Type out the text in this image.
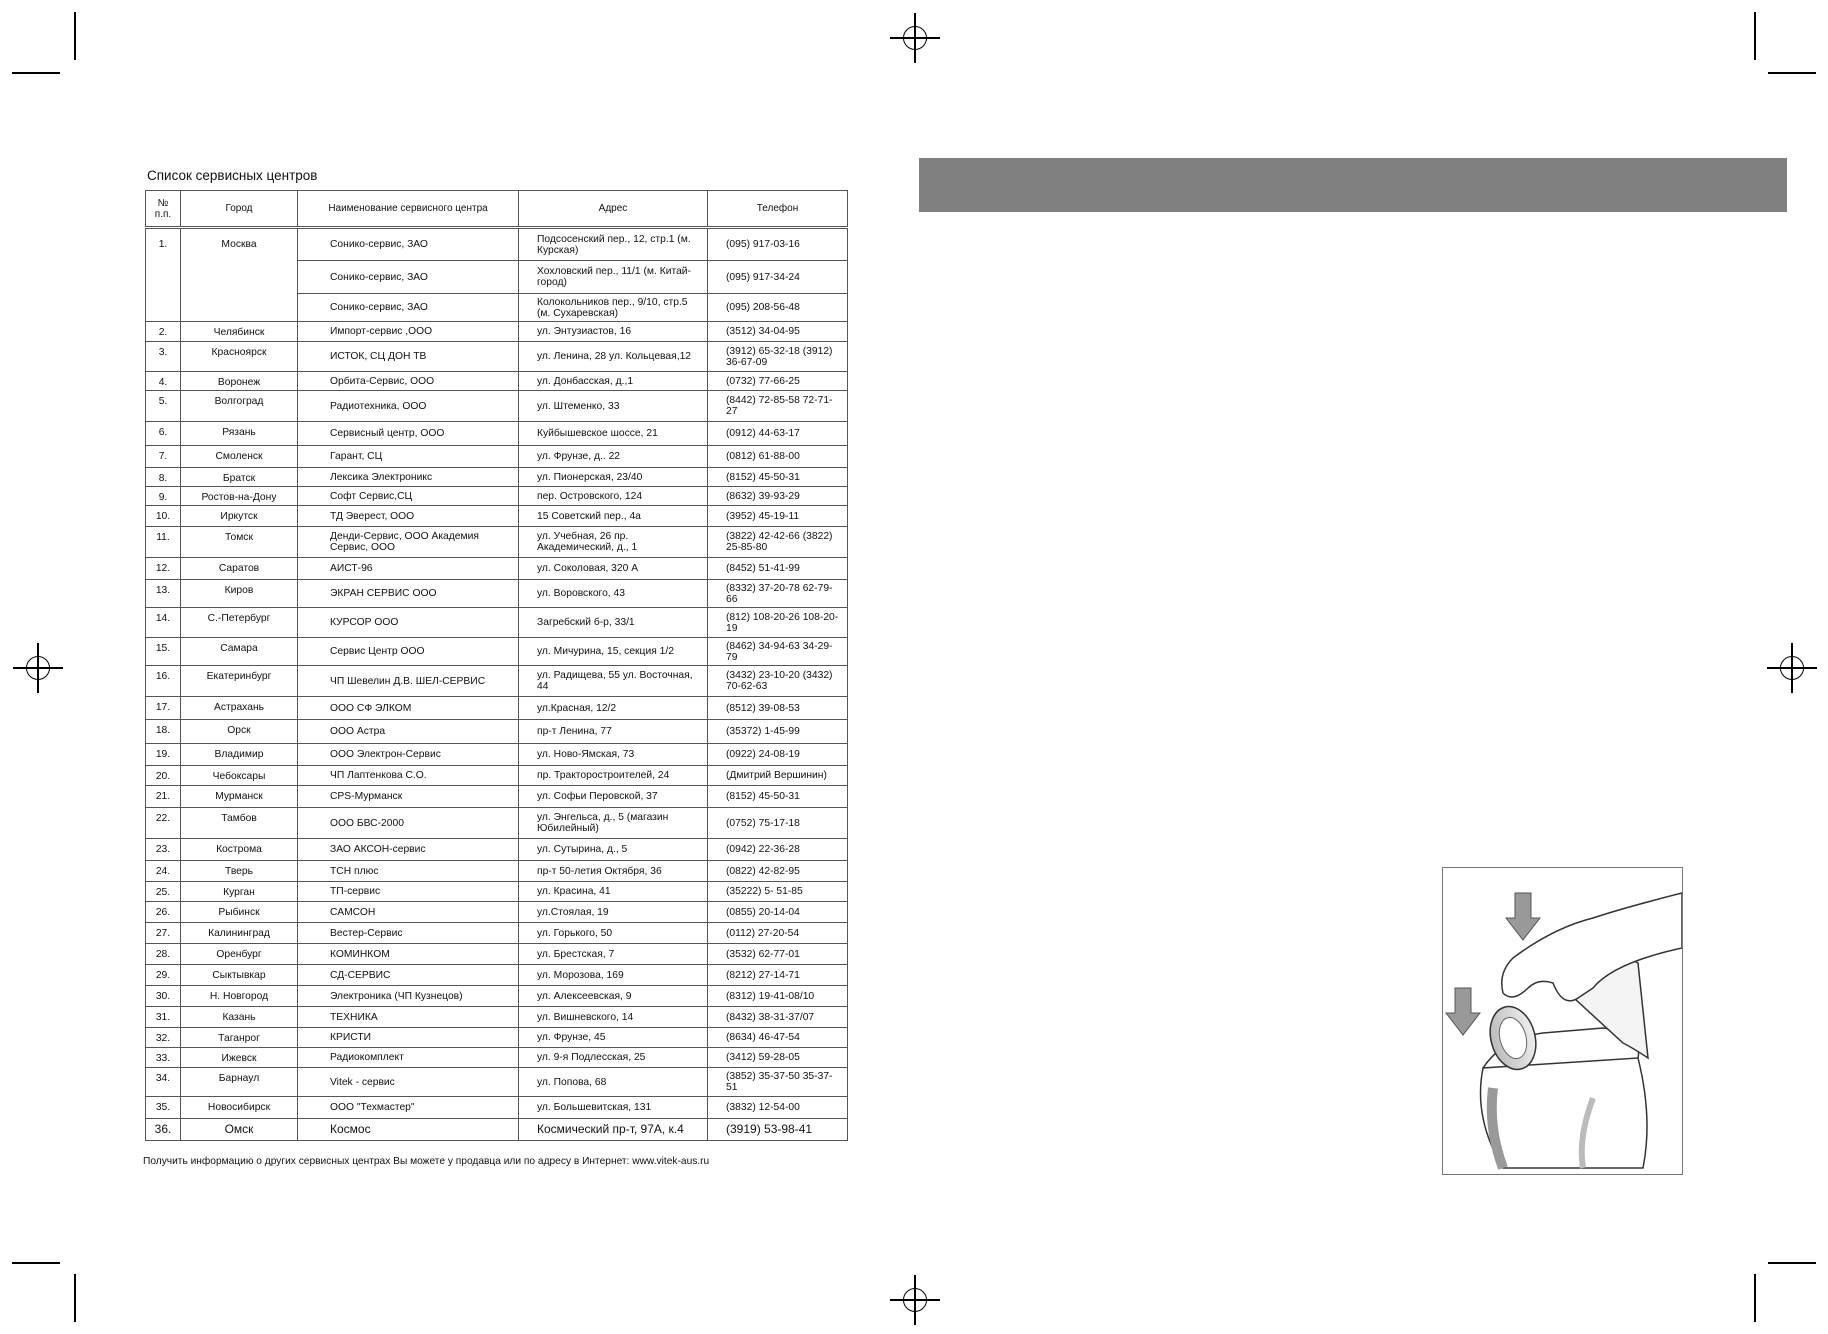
Список сервисных центров
№ п.п.	Город	Наименование сервисного центра	Адрес	Телефон
1.	Москва	Сонико-сервис, ЗАО	Подсосенский пер., 12, стр.1 (м. Курская)	(095) 917-03-16
		Сонико-сервис, ЗАО	Хохловский пер., 11/1 (м. Китай-город)	(095) 917-34-24
		Сонико-сервис, ЗАО	Колокольников пер., 9/10, стр.5 (м. Сухаревская)	(095) 208-56-48
2.	Челябинск	Импорт-сервис ,ООО	ул. Энтузиастов, 16	(3512) 34-04-95
3.	Красноярск	ИСТОК, СЦ ДОН ТВ	ул. Ленина, 28 ул. Кольцевая,12	(3912) 65-32-18 (3912) 36-67-09
4.	Воронеж	Орбита-Сервис, ООО	ул. Донбасская, д.,1	(0732) 77-66-25
5.	Волгоград	Радиотехника, ООО	ул. Штеменко, 33	(8442) 72-85-58 72-71-27
6.	Рязань	Сервисный центр, ООО	Куйбышевское шоссе, 21	(0912) 44-63-17
7.	Смоленск	Гарант, СЦ	ул. Фрунзе, д.. 22	(0812) 61-88-00
8.	Братск	Лексика Электроникс	ул. Пионерская, 23/40	(8152) 45-50-31
9.	Ростов-на-Дону	Софт Сервис,СЦ	пер. Островского, 124	(8632) 39-93-29
10.	Иркутск	ТД Эверест, ООО	15 Советский пер., 4а	(3952) 45-19-11
11.	Томск	Денди-Сервис, ООО Академия Сервис, ООО	ул. Учебная, 26 пр. Академический, д., 1	(3822) 42-42-66 (3822) 25-85-80
12.	Саратов	АИСТ-96	ул. Соколовая, 320 А	(8452) 51-41-99
13.	Киров	ЭКРАН СЕРВИС ООО	ул. Воровского, 43	(8332) 37-20-78 62-79-66
14.	С.-Петербург	КУРСОР ООО	Загребский б-р, 33/1	(812) 108-20-26 108-20-19
15.	Самара	Сервис Центр ООО	ул. Мичурина, 15, секция 1/2	(8462) 34-94-63 34-29-79
16.	Екатеринбург	ЧП Шевелин Д.В. ШЕЛ-СЕРВИС	ул. Радищева, 55 ул. Восточная, 44	(3432) 23-10-20 (3432) 70-62-63
17.	Астрахань	ООО СФ ЭЛКОМ	ул.Красная, 12/2	(8512) 39-08-53
18.	Орск	ООО Астра	пр-т Ленина, 77	(35372) 1-45-99
19.	Владимир	ООО Электрон-Сервис	ул. Ново-Ямская, 73	(0922) 24-08-19
20.	Чебоксары	ЧП Лаптенкова С.О.	пр. Тракторостроителей, 24	(Дмитрий Вершинин)
21.	Мурманск	CPS-Мурманск	ул. Софьи Перовской, 37	(8152) 45-50-31
22.	Тамбов	ООО БВС-2000	ул. Энгельса, д., 5 (магазин Юбилейный)	(0752) 75-17-18
23.	Кострома	ЗАО АКСОН-сервис	ул. Сутырина, д., 5	(0942) 22-36-28
24.	Тверь	ТСН плюс	пр-т 50-летия Октября, 36	(0822) 42-82-95
25.	Курган	ТП-сервис	ул. Красина, 41	(35222) 5- 51-85
26.	Рыбинск	САМСОН	ул.Стоялая, 19	(0855) 20-14-04
27.	Калининград	Вестер-Сервис	ул. Горького, 50	(0112) 27-20-54
28.	Оренбург	КОМИНКОМ	ул. Брестская, 7	(3532) 62-77-01
29.	Сыктывкар	СД-СЕРВИС	ул. Морозова, 169	(8212) 27-14-71
30.	Н. Новгород	Электроника (ЧП Кузнецов)	ул. Алексеевская, 9	(8312) 19-41-08/10
31.	Казань	ТЕХНИКА	ул. Вишневского, 14	(8432) 38-31-37/07
32.	Таганрог	КРИСТИ	ул. Фрунзе, 45	(8634) 46-47-54
33.	Ижевск	Радиокомплект	ул. 9-я Подлесская, 25	(3412) 59-28-05
34.	Барнаул	Vitek - сервис	ул. Попова, 68	(3852) 35-37-50 35-37-51
35.	Новосибирск	ООО "Техмастер"	ул. Большевитская, 131	(3832) 12-54-00
36.	Омск	Космос	Космический пр-т, 97А, к.4	(3919) 53-98-41
Получить информацию о других сервисных центрах Вы можете у продавца или по адресу в Интернет: www.vitek-aus.ru
